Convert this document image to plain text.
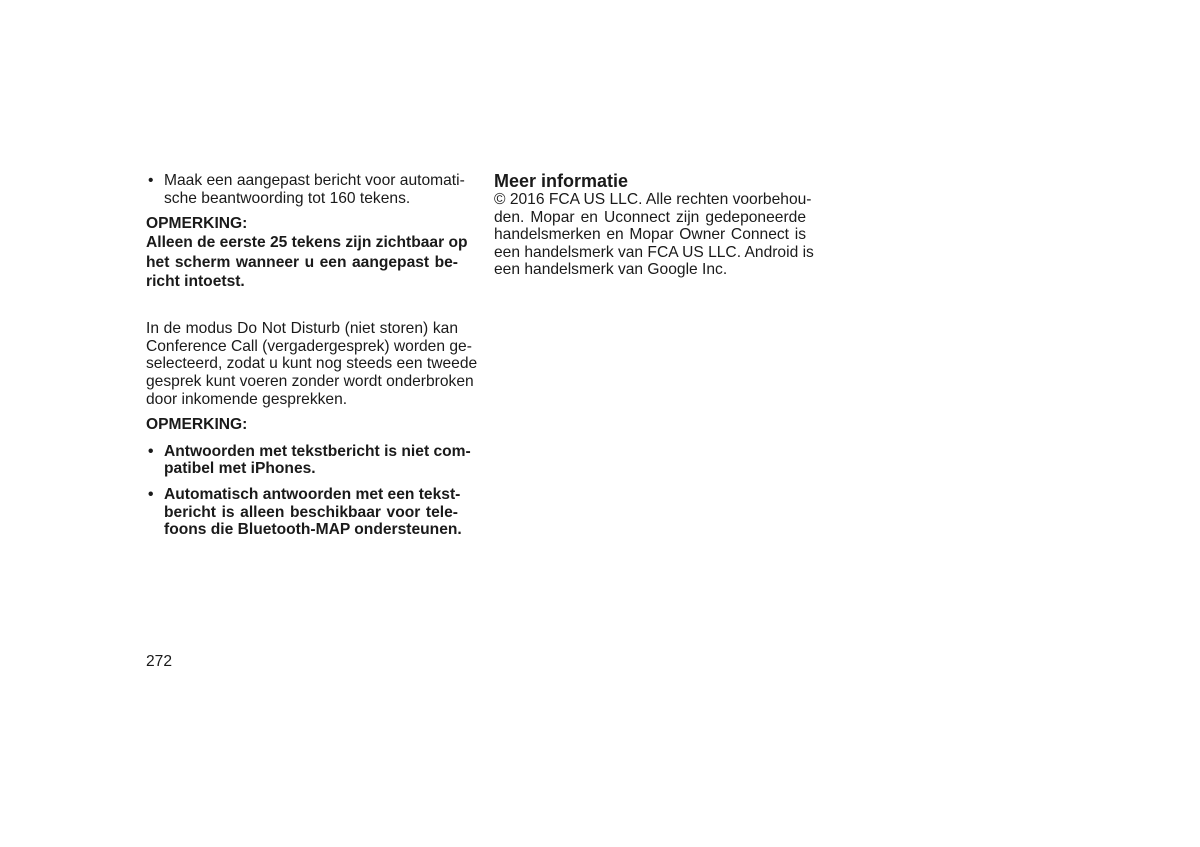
• Maak een aangepast bericht voor automati-
sche beantwoording tot 160 tekens.
OPMERKING:
Alleen de eerste 25 tekens zijn zichtbaar op
het scherm wanneer u een aangepast be-
richt intoetst.
In de modus Do Not Disturb (niet storen) kan
Conference Call (vergadergesprek) worden ge-
selecteerd, zodat u kunt nog steeds een tweede
gesprek kunt voeren zonder wordt onderbroken
door inkomende gesprekken.
OPMERKING:
• Antwoorden met tekstbericht is niet com-
patibel met iPhones.
• Automatisch antwoorden met een tekst-
bericht is alleen beschikbaar voor tele-
foons die Bluetooth-MAP ondersteunen.
Meer informatie
© 2016 FCA US LLC. Alle rechten voorbehou-
den. Mopar en Uconnect zijn gedeponeerde
handelsmerken en Mopar Owner Connect is
een handelsmerk van FCA US LLC. Android is
een handelsmerk van Google Inc.
272
